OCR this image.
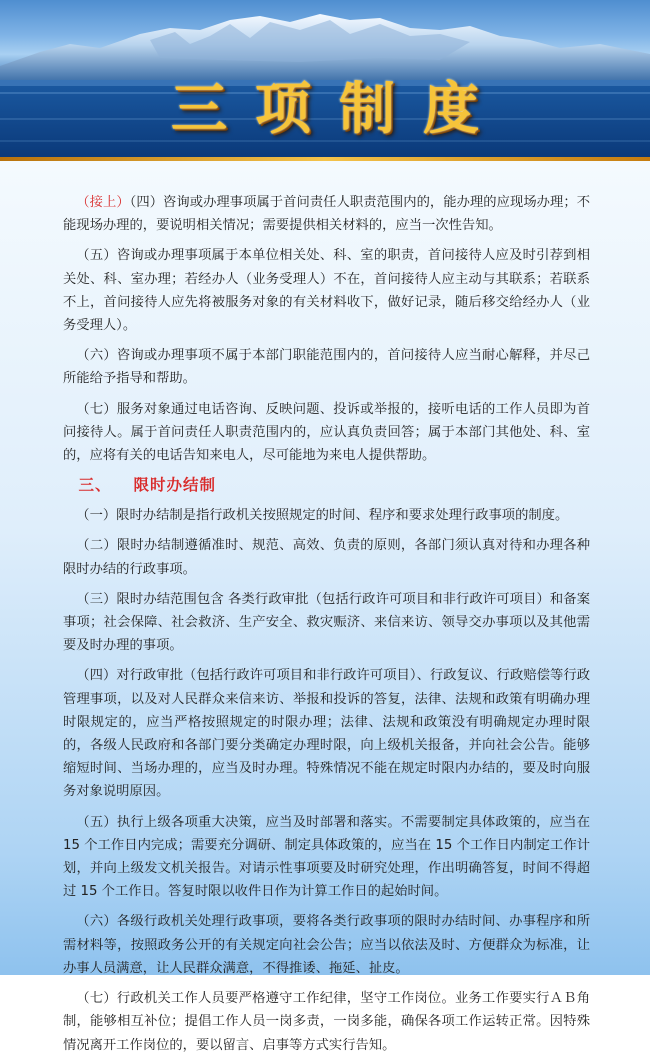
三项制度

（接上）（四）咨询或办理事项属于首问责任人职责范围内的，能办理的应现场办理；不能现场办理的，要说明相关情况；需要提供相关材料的，应当一次性告知。

（五）咨询或办理事项属于本单位相关处、科、室的职责，首问接待人应及时引荐到相关处、科、室办理；若经办人（业务受理人）不在，首问接待人应主动与其联系；若联系不上，首问接待人应先将被服务对象的有关材料收下，做好记录，随后移交给经办人（业务受理人）。

（六）咨询或办理事项不属于本部门职能范围内的，首问接待人应当耐心解释，并尽己所能给予指导和帮助。

（七）服务对象通过电话咨询、反映问题、投诉或举报的，接听电话的工作人员即为首问接待人。属于首问责任人职责范围内的，应认真负责回答；属于本部门其他处、科、室的，应将有关的电话告知来电人，尽可能地为来电人提供帮助。

三、 限时办结制

（一）限时办结制是指行政机关按照规定的时间、程序和要求处理行政事项的制度。

（二）限时办结制遵循准时、规范、高效、负责的原则，各部门须认真对待和办理各种限时办结的行政事项。

（三）限时办结范围包含 各类行政审批（包括行政许可项目和非行政许可项目）和备案事项；社会保障、社会救济、生产安全、救灾赈济、来信来访、领导交办事项以及其他需要及时办理的事项。

（四）对行政审批（包括行政许可项目和非行政许可项目）、行政复议、行政赔偿等行政管理事项，以及对人民群众来信来访、举报和投诉的答复，法律、法规和政策有明确办理时限规定的，应当严格按照规定的时限办理；法律、法规和政策没有明确规定办理时限的，各级人民政府和各部门要分类确定办理时限，向上级机关报备，并向社会公告。能够缩短时间、当场办理的，应当及时办理。特殊情况不能在规定时限内办结的，要及时向服务对象说明原因。

（五）执行上级各项重大决策，应当及时部署和落实。不需要制定具体政策的，应当在 15 个工作日内完成；需要充分调研、制定具体政策的，应当在 15 个工作日内制定工作计划，并向上级发文机关报告。对请示性事项要及时研究处理，作出明确答复，时间不得超过 15 个工作日。答复时限以收件日作为计算工作日的起始时间。

（六）各级行政机关处理行政事项，要将各类行政事项的限时办结时间、办事程序和所需材料等，按照政务公开的有关规定向社会公告；应当以依法及时、方便群众为标准，让办事人员满意，让人民群众满意，不得推诿、拖延、扯皮。

（七）行政机关工作人员要严格遵守工作纪律，坚守工作岗位。业务工作要实行ＡＢ角制，能够相互补位；提倡工作人员一岗多责，一岗多能，确保各项工作运转正常。因特殊情况离开工作岗位的，要以留言、启事等方式实行告知。
